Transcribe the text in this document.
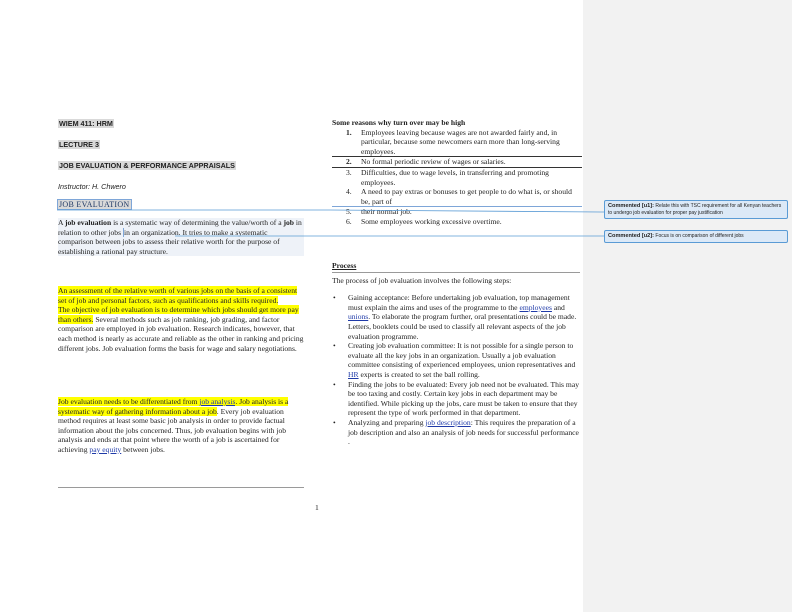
WIEM 411: HRM
LECTURE 3
JOB EVALUATION & PERFORMANCE APPRAISALS
Instructor: H. Chwero
JOB EVALUATION
A job evaluation is a systematic way of determining the value/worth of a job in relation to other jobs in an organization. It tries to make a systematic comparison between jobs to assess their relative worth for the purpose of establishing a rational pay structure.
An assessment of the relative worth of various jobs on the basis of a consistent set of job and personal factors, such as qualifications and skills required.
The objective of job evaluation is to determine which jobs should get more pay than others. Several methods such as job ranking, job grading, and factor comparison are employed in job evaluation. Research indicates, however, that each method is nearly as accurate and reliable as the other in ranking and pricing different jobs. Job evaluation forms the basis for wage and salary negotiations.
Job evaluation needs to be differentiated from job analysis. Job analysis is a systematic way of gathering information about a job. Every job evaluation method requires at least some basic job analysis in order to provide factual information about the jobs concerned. Thus, job evaluation begins with job analysis and ends at that point where the worth of a job is ascertained for achieving pay equity between jobs.

Some reasons why turn over may be high

1. Employees leaving because wages are not awarded fairly and, in particular, because some newcomers earn more than long-serving employees.
2. No formal periodic review of wages or salaries.
3. Difficulties, due to wage levels, in transferring and promoting employees.
4. A need to pay extras or bonuses to get people to do what is, or should be, part of
5. their normal job.
6. Some employees working excessive overtime.

Process

The process of job evaluation involves the following steps:

• Gaining acceptance: Before undertaking job evaluation, top management must explain the aims and uses of the programme to the employees and unions. To elaborate the program further, oral presentations could be made. Letters, booklets could be used to classify all relevant aspects of the job evaluation programme.
• Creating job evaluation committee: It is not possible for a single person to evaluate all the key jobs in an organization. Usually a job evaluation committee consisting of experienced employees, union representatives and HR experts is created to set the ball rolling.
• Finding the jobs to be evaluated: Every job need not be evaluated. This may be too taxing and costly. Certain key jobs in each department may be identified. While picking up the jobs, care must be taken to ensure that they represent the type of work performed in that department.
• Analyzing and preparing job description: This requires the preparation of a job description and also an analysis of job needs for successful performance .
1
Commented [u1]: Relate this with TSC requirement for all Kenyan teachers to undergo job evaluation for proper pay justification
Commented [u2]: Focus is on comparison of different jobs
